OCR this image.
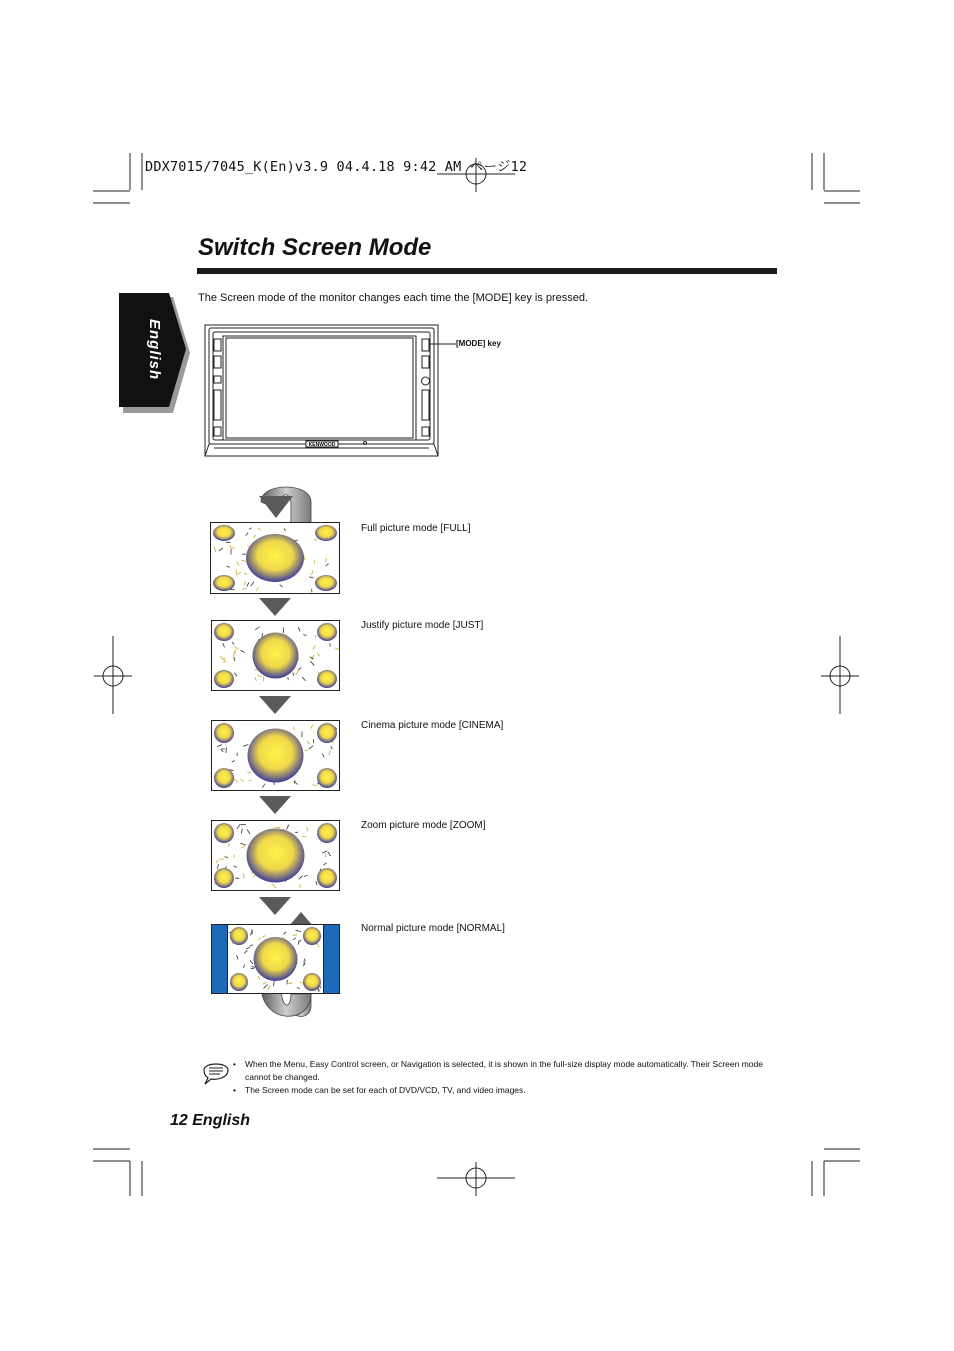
DDX7015/7045_K(En)v3.9 04.4.18 9:42 AM ページ12
Switch Screen Mode
English
The Screen mode of the monitor changes each time the [MODE] key is pressed.
KENWOOD
[MODE] key
Full picture mode [FULL]
Justify picture mode [JUST]
Cinema picture mode [CINEMA]
Zoom picture mode [ZOOM]
Normal picture mode [NORMAL]
• When the Menu, Easy Control screen, or Navigation is selected, it is shown in the full-size display mode automatically. Their Screen mode cannot be changed.
• The Screen mode can be set for each of DVD/VCD, TV, and video images.
12 English
